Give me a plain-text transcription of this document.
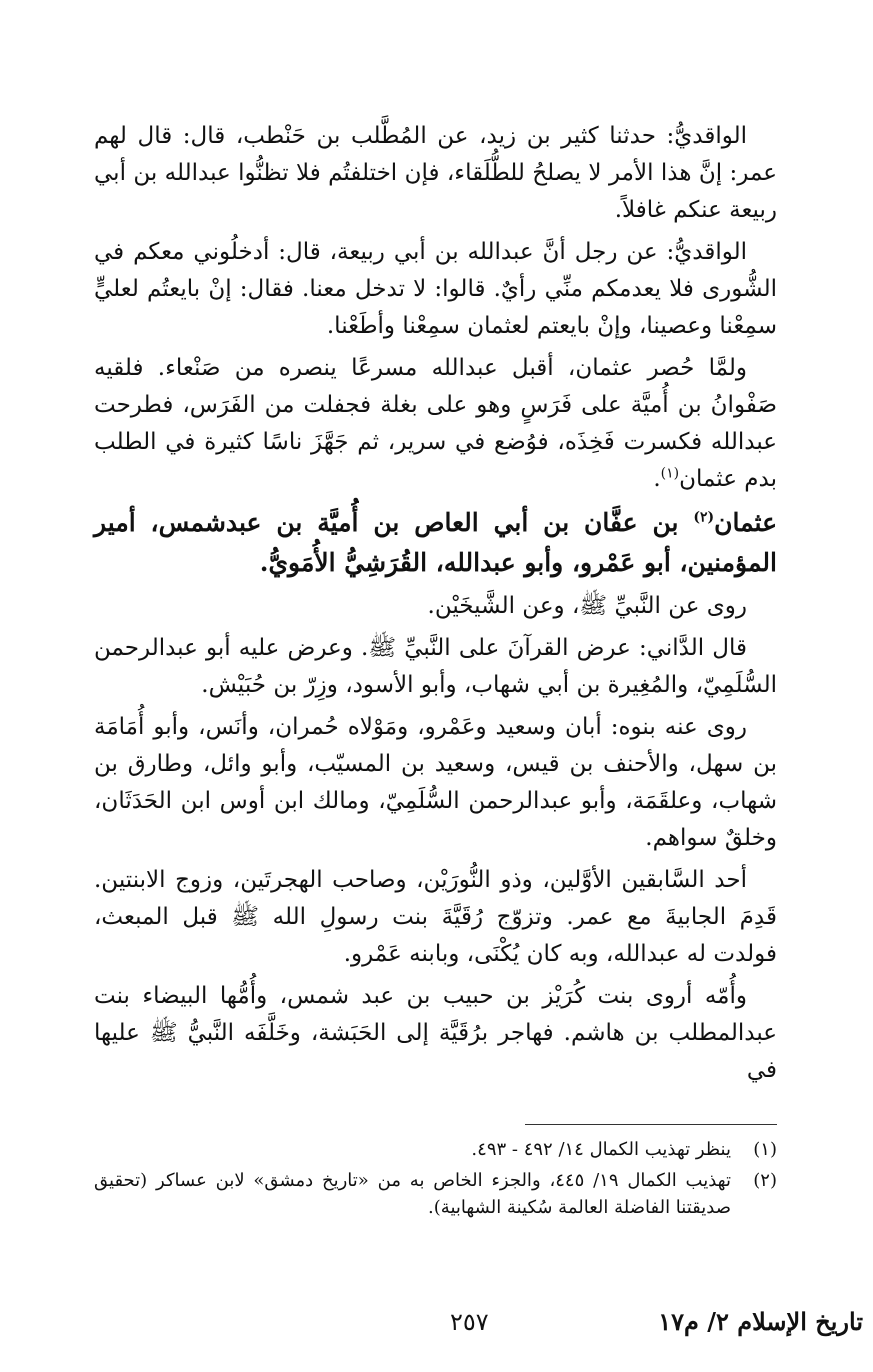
الواقديُّ: حدثنا كثير بن زيد، عن المُطَّلب بن حَنْطب، قال: قال لهم عمر: إنَّ هذا الأمر لا يصلحُ للطُّلَقاء، فإن اختلفتُم فلا تظنُّوا عبدالله بن أبي ربيعة عنكم غافلاً.

الواقديُّ: عن رجل أنَّ عبدالله بن أبي ربيعة، قال: أدخلُوني معكم في الشُّورى فلا يعدمكم منِّي رأيٌ. قالوا: لا تدخل معنا. فقال: إنْ بايعتُم لعليٍّ سمِعْنا وعصينا، وإنْ بايعتم لعثمان سمِعْنا وأطَعْنا.

ولمَّا حُصر عثمان، أقبل عبدالله مسرعًا ينصره من صَنْعاء. فلقيه صَفْوانُ بن أُميَّة على فَرَسٍ وهو على بغلة فجفلت من الفَرَس، فطرحت عبدالله فكسرت فَخِذَه، فوُضع في سرير، ثم جَهَّزَ ناسًا كثيرة في الطلب بدم عثمان$^{(١)}$.

عثمان$^{(٢)}$ بن عفَّان بن أبي العاص بن أُميَّة بن عبدشمس، أمير المؤمنين، أبو عَمْرو، وأبو عبدالله، القُرَشِيُّ الأُمَويُّ.

روى عن النَّبيِّ ﷺ، وعن الشَّيخَيْن.

قال الدَّاني: عرض القرآنَ على النَّبيِّ ﷺ. وعرض عليه أبو عبدالرحمن السُّلَمِيّ، والمُغِيرة بن أبي شهاب، وأبو الأسود، وزِرّ بن حُبَيْش.

روى عنه بنوه: أبان وسعيد وعَمْرو، ومَوْلاه حُمران، وأنَس، وأبو أُمَامَة بن سهل، والأحنف بن قيس، وسعيد بن المسيّب، وأبو وائل، وطارق بن شهاب، وعلقَمَة، وأبو عبدالرحمن السُّلَمِيّ، ومالك ابن أوس ابن الحَدَثَان، وخلقٌ سواهم.

أحد السَّابقين الأوَّلين، وذو النُّورَيْن، وصاحب الهجرتَين، وزوج الابنتين. قَدِمَ الجابيةَ مع عمر. وتزوّج رُقَيَّةَ بنت رسولِ الله ﷺ قبل المبعث، فولدت له عبدالله، وبه كان يُكْنَى، وبابنه عَمْرو.

وأُمّه أروى بنت كُرَيْز بن حبيب بن عبد شمس، وأُمُّها البيضاء بنت عبدالمطلب بن هاشم. فهاجر برُقَيَّة إلى الحَبَشة، وخَلَّفَه النَّبيُّ ﷺ عليها في

(١)
ينظر تهذيب الكمال ١٤/ ٤٩٢ - ٤٩٣.
(٢)
تهذيب الكمال ١٩/ ٤٤٥، والجزء الخاص به من «تاريخ دمشق» لابن عساكر (تحقيق صديقتنا الفاضلة العالمة سُكينة الشهابية).
تاريخ الإسلام ٢/ م١٧
٢٥٧
